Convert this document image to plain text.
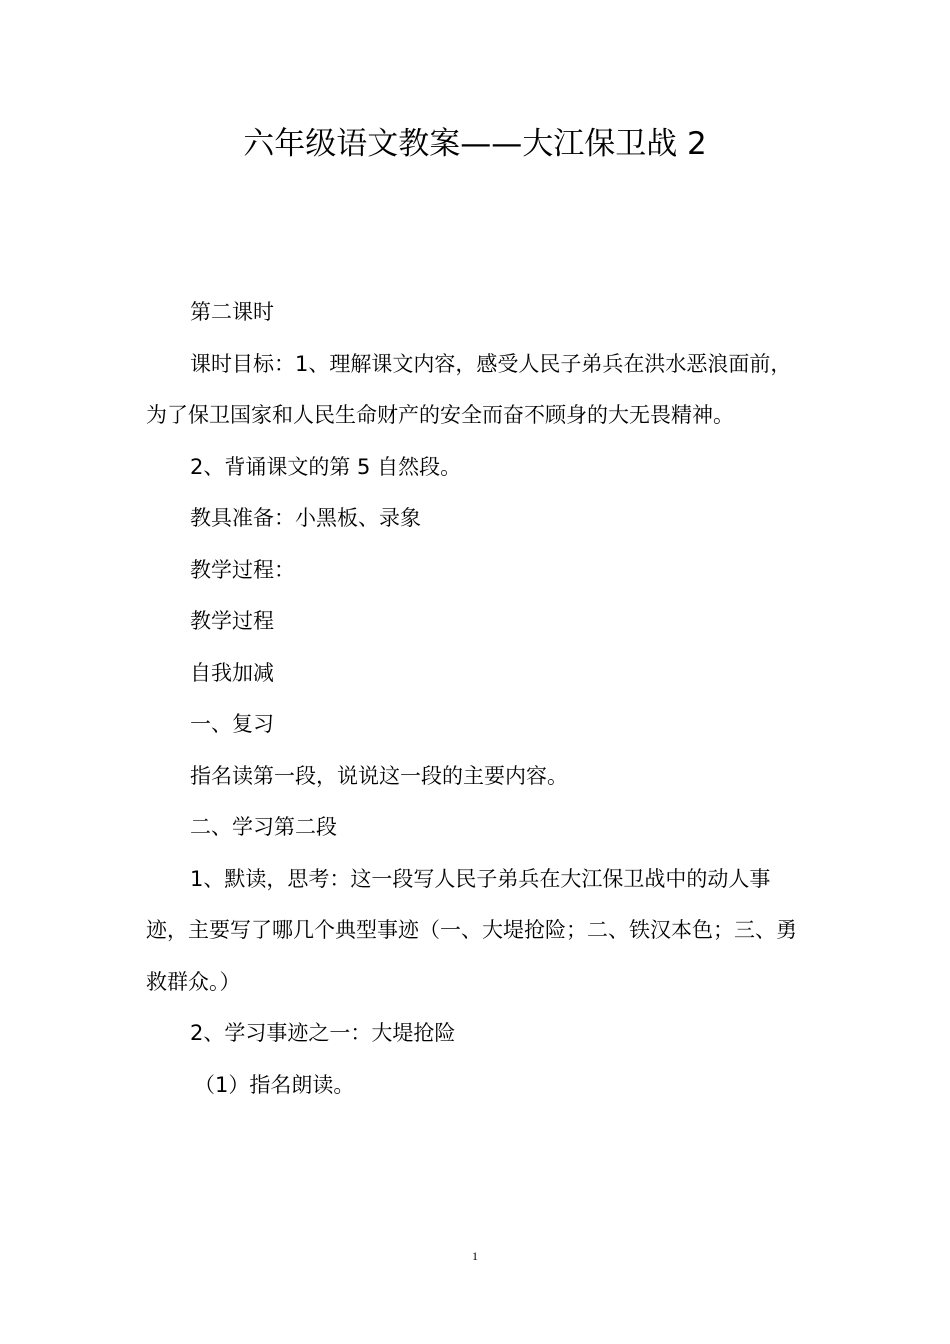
六年级语文教案——大江保卫战 2

第二课时

课时目标：1、理解课文内容，感受人民子弟兵在洪水恶浪面前，为了保卫国家和人民生命财产的安全而奋不顾身的大无畏精神。

2、背诵课文的第 5 自然段。

教具准备：小黑板、录象

教学过程：

教学过程

自我加减

一、复习

指名读第一段，说说这一段的主要内容。

二、学习第二段

1、默读，思考：这一段写人民子弟兵在大江保卫战中的动人事迹，主要写了哪几个典型事迹（一、大堤抢险；二、铁汉本色；三、勇救群众。）

2、学习事迹之一：大堤抢险

（1）指名朗读。

1
